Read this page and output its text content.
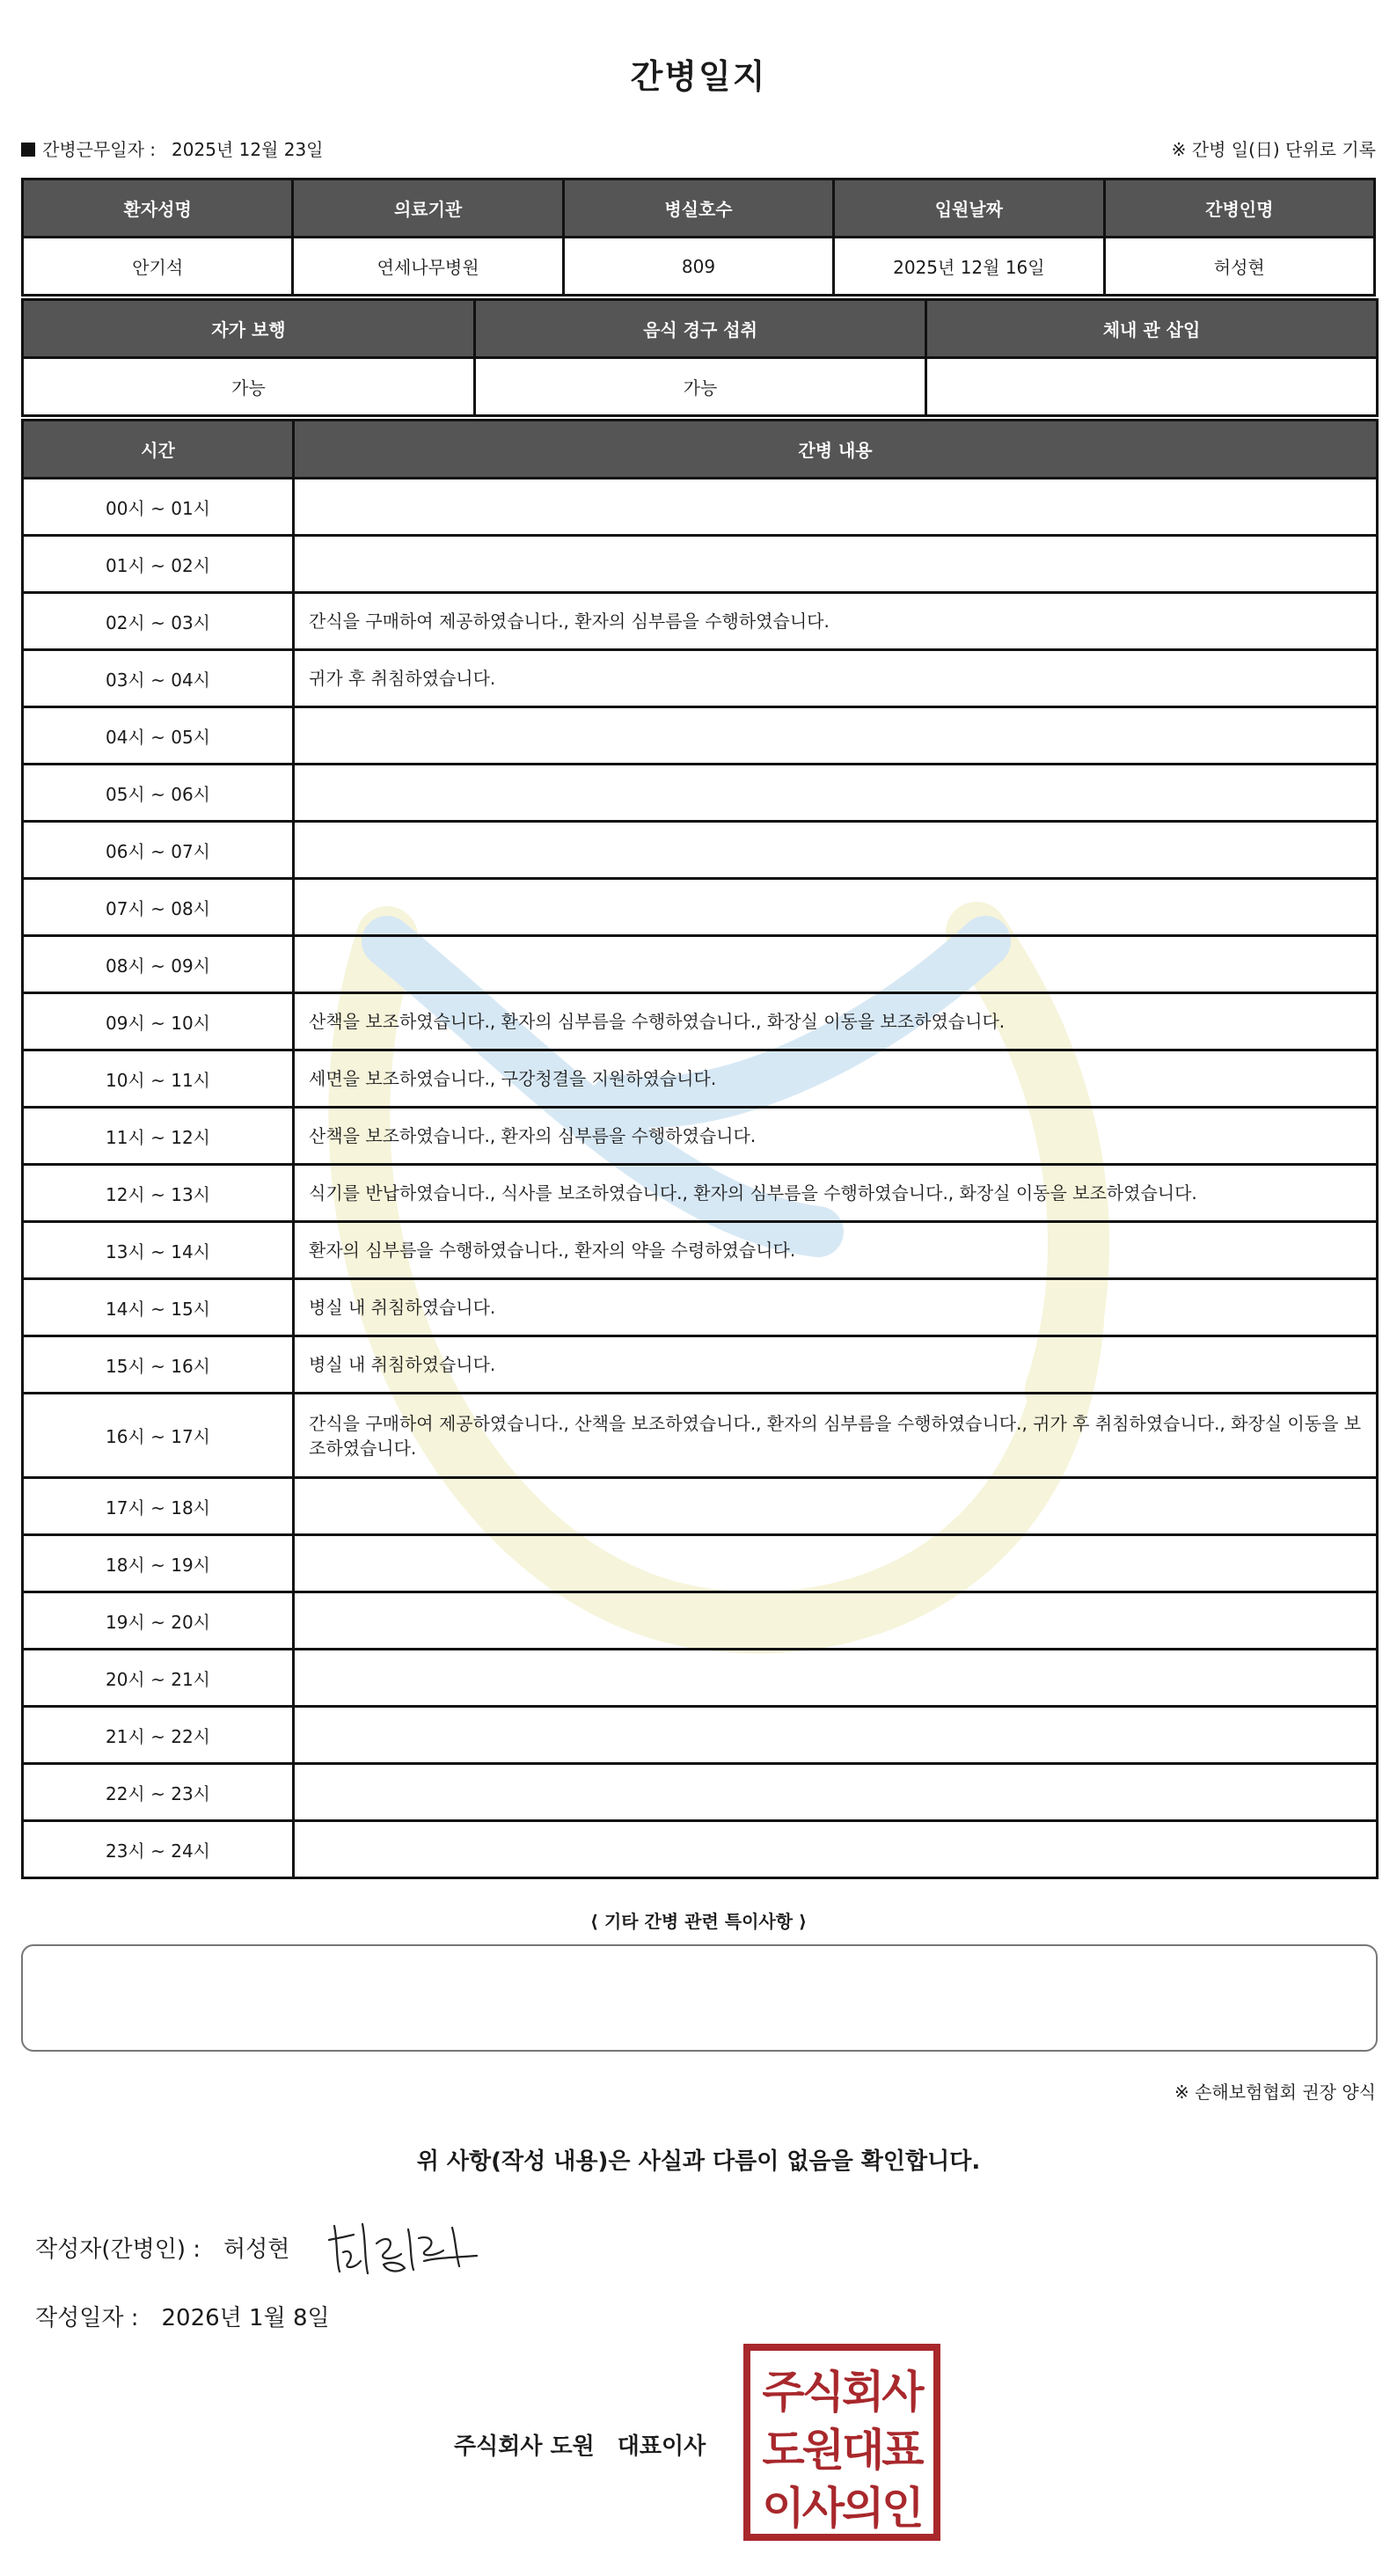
간병일지
간병근무일자 : 2025년 12월 23일	※ 간병 일(日) 단위로 기록
환자성명	의료기관	병실호수	입원날짜	간병인명
안기석	연세나무병원	809	2025년 12월 16일	허성현
자가 보행	음식 경구 섭취	체내 관 삽입
가능	가능	
시간	간병 내용
00시 ~ 01시	
01시 ~ 02시	
02시 ~ 03시	간식을 구매하여 제공하였습니다., 환자의 심부름을 수행하였습니다.
03시 ~ 04시	귀가 후 취침하였습니다.
04시 ~ 05시	
05시 ~ 06시	
06시 ~ 07시	
07시 ~ 08시	
08시 ~ 09시	
09시 ~ 10시	산책을 보조하였습니다., 환자의 심부름을 수행하였습니다., 화장실 이동을 보조하였습니다.
10시 ~ 11시	세면을 보조하였습니다., 구강청결을 지원하였습니다.
11시 ~ 12시	산책을 보조하였습니다., 환자의 심부름을 수행하였습니다.
12시 ~ 13시	식기를 반납하였습니다., 식사를 보조하였습니다., 환자의 심부름을 수행하였습니다., 화장실 이동을 보조하였습니다.
13시 ~ 14시	환자의 심부름을 수행하였습니다., 환자의 약을 수령하였습니다.
14시 ~ 15시	병실 내 취침하였습니다.
15시 ~ 16시	병실 내 취침하였습니다.
16시 ~ 17시	간식을 구매하여 제공하였습니다., 산책을 보조하였습니다., 환자의 심부름을 수행하였습니다., 귀가 후 취침하였습니다., 화장실 이동을 보조하였습니다.
17시 ~ 18시	
18시 ~ 19시	
19시 ~ 20시	
20시 ~ 21시	
21시 ~ 22시	
22시 ~ 23시	
23시 ~ 24시	
⟨ 기타 간병 관련 특이사항 ⟩
※ 손해보험협회 권장 양식
위 사항(작성 내용)은 사실과 다름이 없음을 확인합니다.
작성자(간병인) : 허성현
작성일자 : 2026년 1월 8일
주식회사 도원 대표이사
주식회사
도원대표
이사의인
